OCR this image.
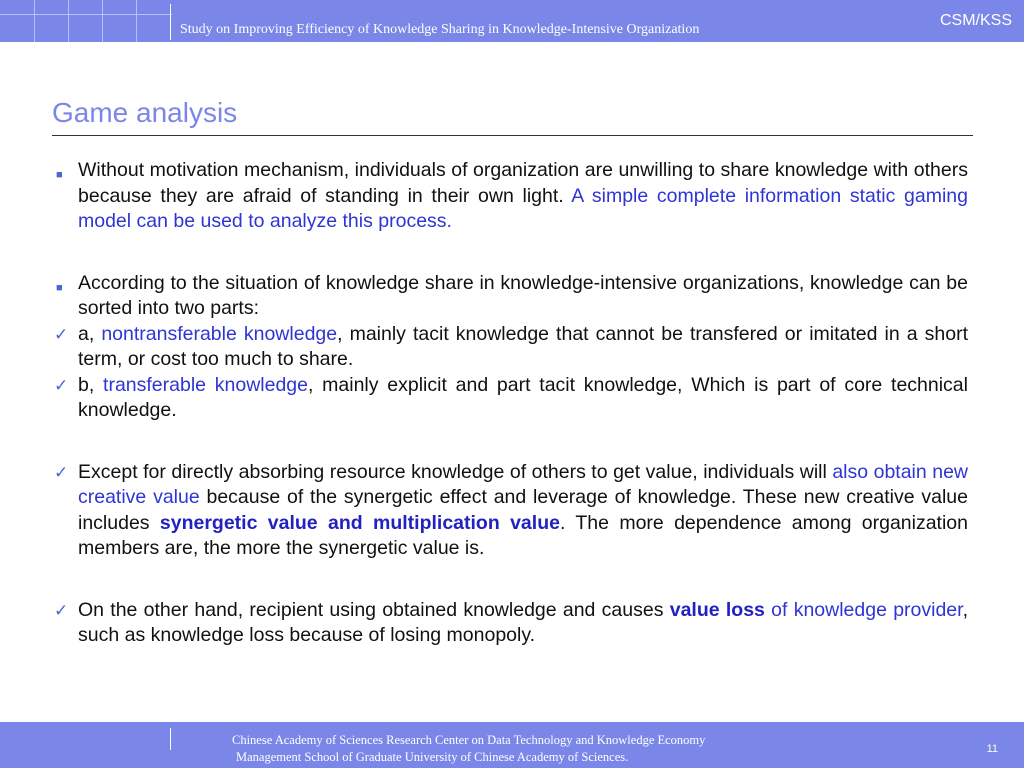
Study on Improving Efficiency of Knowledge Sharing in Knowledge-Intensive Organization
CSM/KSS
Game analysis
■ Without motivation mechanism, individuals of organization are unwilling to share knowledge with others because they are afraid of standing in their own light. A simple complete information static gaming model can be used to analyze this process.
■ According to the situation of knowledge share in knowledge-intensive organizations, knowledge can be sorted into two parts:
✓ a, nontransferable knowledge, mainly tacit knowledge that cannot be transfered or imitated in a short term, or cost too much to share.
✓ b, transferable knowledge, mainly explicit and part tacit knowledge, Which is part of core technical knowledge.
✓ Except for directly absorbing resource knowledge of others to get value, individuals will also obtain new creative value because of the synergetic effect and leverage of knowledge. These new creative value includes synergetic value and multiplication value. The more dependence among organization members are, the more the synergetic value is.
✓ On the other hand, recipient using obtained knowledge and causes value loss of knowledge provider, such as knowledge loss because of losing monopoly.
Chinese Academy of Sciences Research Center on Data Technology and Knowledge Economy
Management School of Graduate University of Chinese Academy of Sciences.
11
